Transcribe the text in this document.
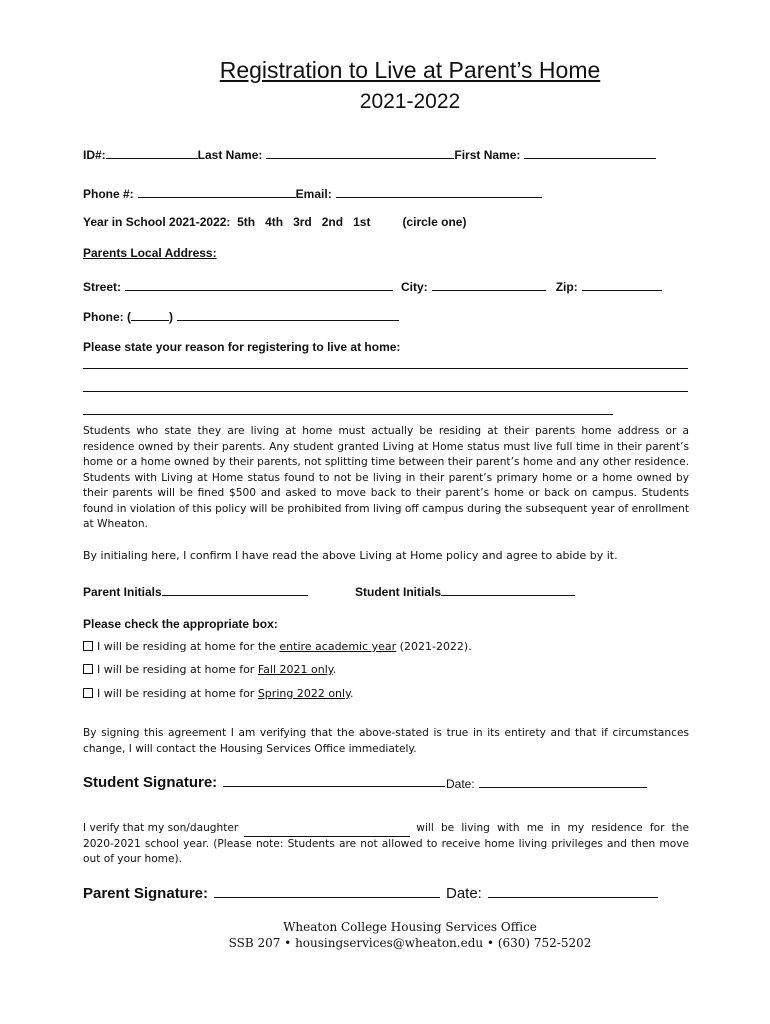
Registration to Live at Parent’s Home
2021-2022
ID#:	Last Name:	First Name:
Phone #:	Email:
Year in School 2021-2022:  5th   4th   3rd   2nd   1st	(circle one)
Parents Local Address:
Street:	City:	Zip:
Phone: (	)
Please state your reason for registering to live at home:
Students who state they are living at home must actually be residing at their parents home address or a residence owned by their parents. Any student granted Living at Home status must live full time in their parent’s home or a home owned by their parents, not splitting time between their parent’s home and any other residence. Students with Living at Home status found to not be living in their parent’s primary home or a home owned by their parents will be fined $500 and asked to move back to their parent’s home or back on campus. Students found in violation of this policy will be prohibited from living off campus during the subsequent year of enrollment at Wheaton.
By initialing here, I confirm I have read the above Living at Home policy and agree to abide by it.
Parent Initials	Student Initials
Please check the appropriate box:
I will be residing at home for the entire academic year (2021-2022).
I will be residing at home for Fall 2021 only.
I will be residing at home for Spring 2022 only.
By signing this agreement I am verifying that the above-stated is true in its entirety and that if circumstances change, I will contact the Housing Services Office immediately.
Student Signature:	Date:
I verify that my son/daughter	will be living with me in my residence for the
2020-2021 school year. (Please note: Students are not allowed to receive home living privileges and then move out of your home).
Parent Signature:	Date:
Wheaton College Housing Services Office
SSB 207 • housingservices@wheaton.edu • (630) 752-5202
